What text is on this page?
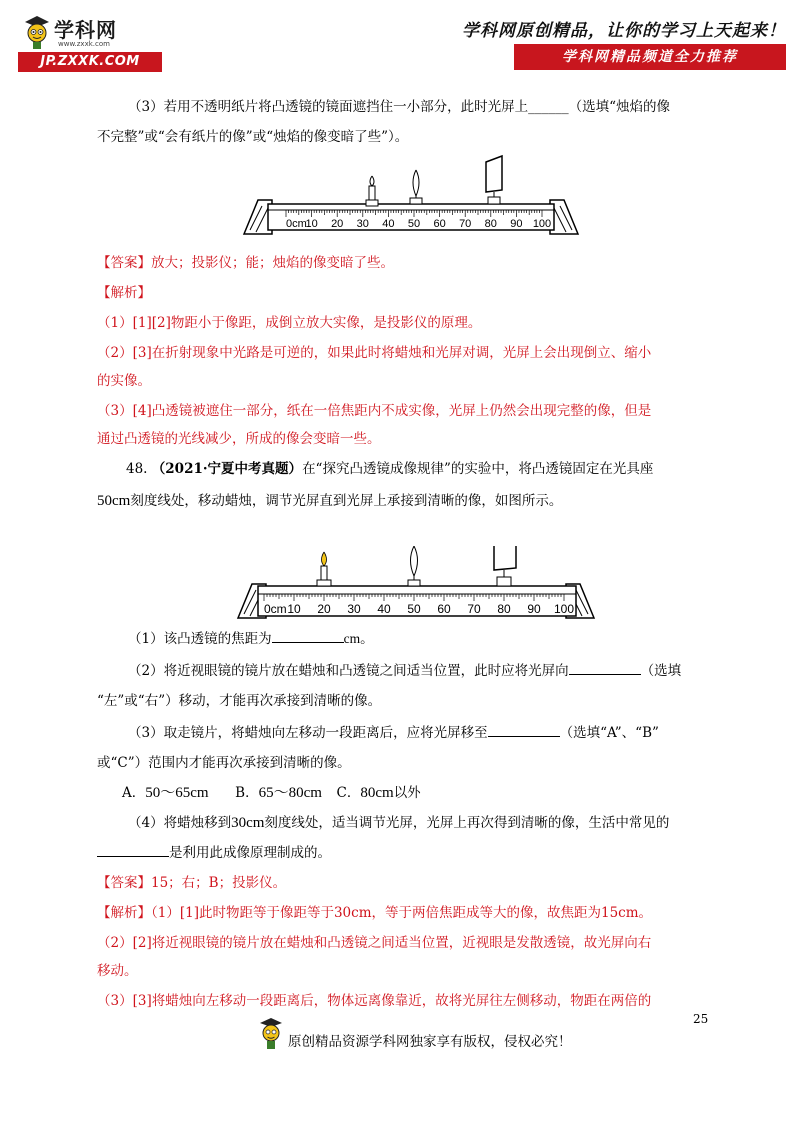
学科网
www.zxxk.com
JP.ZXXK.COM
学科网原创精品，让你的学习上天起来！
学科网精品频道全力推荐
（3）若用不透明纸片将凸透镜的镜面遮挡住一小部分，此时光屏上______（选填“烛焰的像
不完整”或“会有纸片的像”或“烛焰的像变暗了些”）。
0cm
10 20 30 40 50 60 70 80 90 100
【答案】放大；投影仪；能；烛焰的像变暗了些。
【解析】
（1）[1][2]物距小于像距，成倒立放大实像，是投影仪的原理。
（2）[3]在折射现象中光路是可逆的，如果此时将蜡烛和光屏对调，光屏上会出现倒立、缩小
的实像。
（3）[4]凸透镜被遮住一部分，纸在一倍焦距内不成实像，光屏上仍然会出现完整的像，但是
通过凸透镜的光线减少，所成的像会变暗一些。
48. （2021·宁夏中考真题）在“探究凸透镜成像规律”的实验中，将凸透镜固定在光具座
50cm刻度线处，移动蜡烛，调节光屏直到光屏上承接到清晰的像，如图所示。
0cm 10 20 30 40 50 60 70 80 90 100
（1）该凸透镜的焦距为	cm。
（2）将近视眼镜的镜片放在蜡烛和凸透镜之间适当位置，此时应将光屏向	（选填
“左”或“右”）移动，才能再次承接到清晰的像。
（3）取走镜片，将蜡烛向左移动一段距离后，应将光屏移至	（选填“A”、“B”
或“C”）范围内才能再次承接到清晰的像。
A．50～65cm B．65～80cm C．80cm以外
（4）将蜡烛移到30cm刻度线处，适当调节光屏，光屏上再次得到清晰的像，生活中常见的
是利用此成像原理制成的。
【答案】15；右；B；投影仪。
【解析】（1）[1]此时物距等于像距等于30cm，等于两倍焦距成等大的像，故焦距为15cm。
（2）[2]将近视眼镜的镜片放在蜡烛和凸透镜之间适当位置，近视眼是发散透镜，故光屏向右
移动。
（3）[3]将蜡烛向左移动一段距离后，物体远离像靠近，故将光屏往左侧移动，物距在两倍的
25
原创精品资源学科网独家享有版权，侵权必究！
